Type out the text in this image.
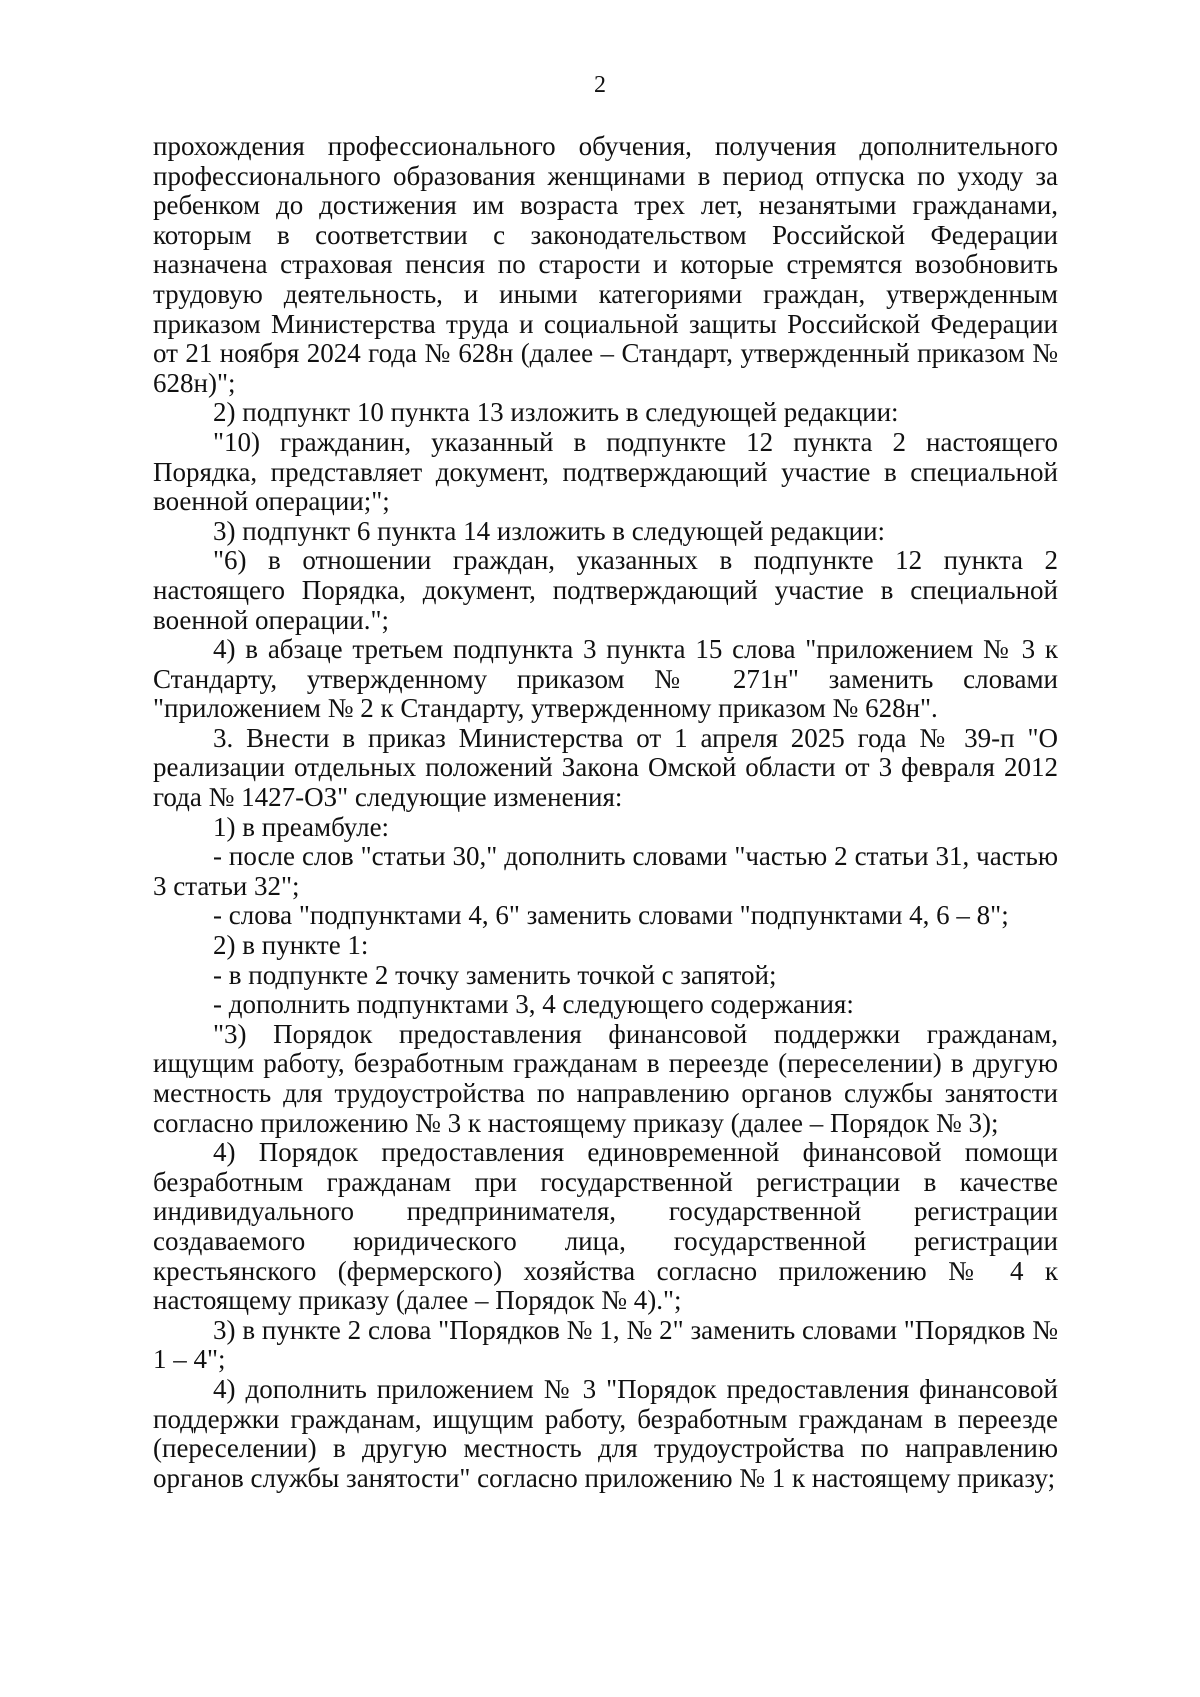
2

прохождения профессионального обучения, получения дополнительного профессионального образования женщинами в период отпуска по уходу за ребенком до достижения им возраста трех лет, незанятыми гражданами, которым в соответствии с законодательством Российской Федерации назначена страховая пенсия по старости и которые стремятся возобновить трудовую деятельность, и иными категориями граждан, утвержденным приказом Министерства труда и социальной защиты Российской Федерации от 21 ноября 2024 года № 628н (далее – Стандарт, утвержденный приказом № 628н)";

2) подпункт 10 пункта 13 изложить в следующей редакции:

"10) гражданин, указанный в подпункте 12 пункта 2 настоящего Порядка, представляет документ, подтверждающий участие в специальной военной операции;";

3) подпункт 6 пункта 14 изложить в следующей редакции:

"6) в отношении граждан, указанных в подпункте 12 пункта 2 настоящего Порядка, документ, подтверждающий участие в специальной военной операции.";

4) в абзаце третьем подпункта 3 пункта 15 слова "приложением № 3 к Стандарту, утвержденному приказом № 271н" заменить словами "приложением № 2 к Стандарту, утвержденному приказом № 628н".

3. Внести в приказ Министерства от 1 апреля 2025 года № 39-п "О реализации отдельных положений Закона Омской области от 3 февраля 2012 года № 1427-ОЗ" следующие изменения:

1) в преамбуле:

- после слов "статьи 30," дополнить словами "частью 2 статьи 31, частью 3 статьи 32";

- слова "подпунктами 4, 6" заменить словами "подпунктами 4, 6 – 8";

2) в пункте 1:

- в подпункте 2 точку заменить точкой с запятой;

- дополнить подпунктами 3, 4 следующего содержания:

"3) Порядок предоставления финансовой поддержки гражданам, ищущим работу, безработным гражданам в переезде (переселении) в другую местность для трудоустройства по направлению органов службы занятости согласно приложению № 3 к настоящему приказу (далее – Порядок № 3);

4) Порядок предоставления единовременной финансовой помощи безработным гражданам при государственной регистрации в качестве индивидуального предпринимателя, государственной регистрации создаваемого юридического лица, государственной регистрации крестьянского (фермерского) хозяйства согласно приложению № 4 к настоящему приказу (далее – Порядок № 4).";

3) в пункте 2 слова "Порядков № 1, № 2" заменить словами "Порядков № 1 – 4";

4) дополнить приложением № 3 "Порядок предоставления финансовой поддержки гражданам, ищущим работу, безработным гражданам в переезде (переселении) в другую местность для трудоустройства по направлению органов службы занятости" согласно приложению № 1 к настоящему приказу;
